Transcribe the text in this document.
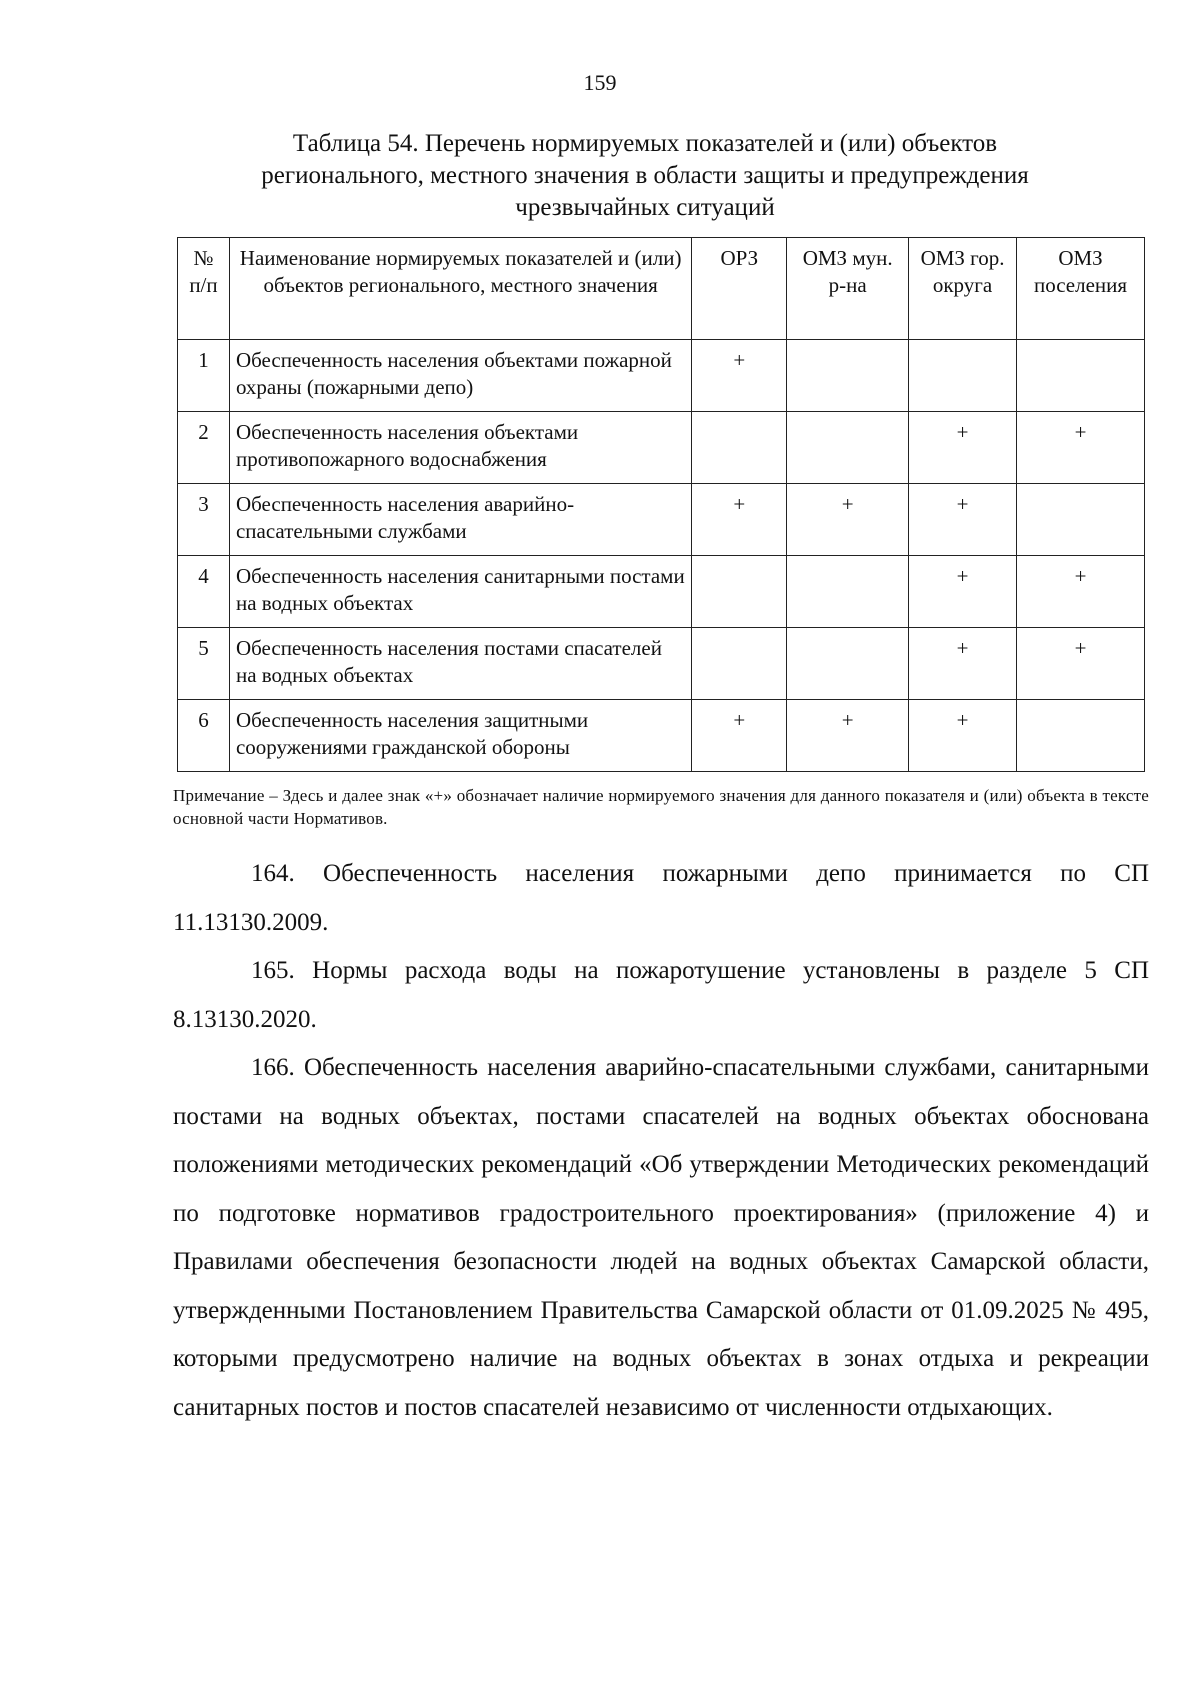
159
Таблица 54. Перечень нормируемых показателей и (или) объектов
регионального, местного значения в области защиты и предупреждения
чрезвычайных ситуаций
№ п/п	Наименование нормируемых показателей и (или) объектов регионального, местного значения	ОРЗ	ОМЗ мун. р-на	ОМЗ гор. округа	ОМЗ поселения
1	Обеспеченность населения объектами пожарной охраны (пожарными депо)	+			
2	Обеспеченность населения объектами противопожарного водоснабжения			+	+
3	Обеспеченность населения аварийно-спасательными службами	+	+	+	
4	Обеспеченность населения санитарными постами на водных объектах			+	+
5	Обеспеченность населения постами спасателей на водных объектах			+	+
6	Обеспеченность населения защитными сооружениями гражданской обороны	+	+	+	
Примечание – Здесь и далее знак «+» обозначает наличие нормируемого значения для данного показателя и (или) объекта в тексте основной части Нормативов.

164. Обеспеченность населения пожарными депо принимается по СП 11.13130.2009.

165. Нормы расхода воды на пожаротушение установлены в разделе 5 СП 8.13130.2020.

166. Обеспеченность населения аварийно-спасательными службами, санитарными постами на водных объектах, постами спасателей на водных объектах обоснована положениями методических рекомендаций «Об утверждении Методических рекомендаций по подготовке нормативов градостроительного проектирования» (приложение 4) и Правилами обеспечения безопасности людей на водных объектах Самарской области, утвержденными Постановлением Правительства Самарской области от 01.09.2025 № 495, которыми предусмотрено наличие на водных объектах в зонах отдыха и рекреации санитарных постов и постов спасателей независимо от численности отдыхающих.
